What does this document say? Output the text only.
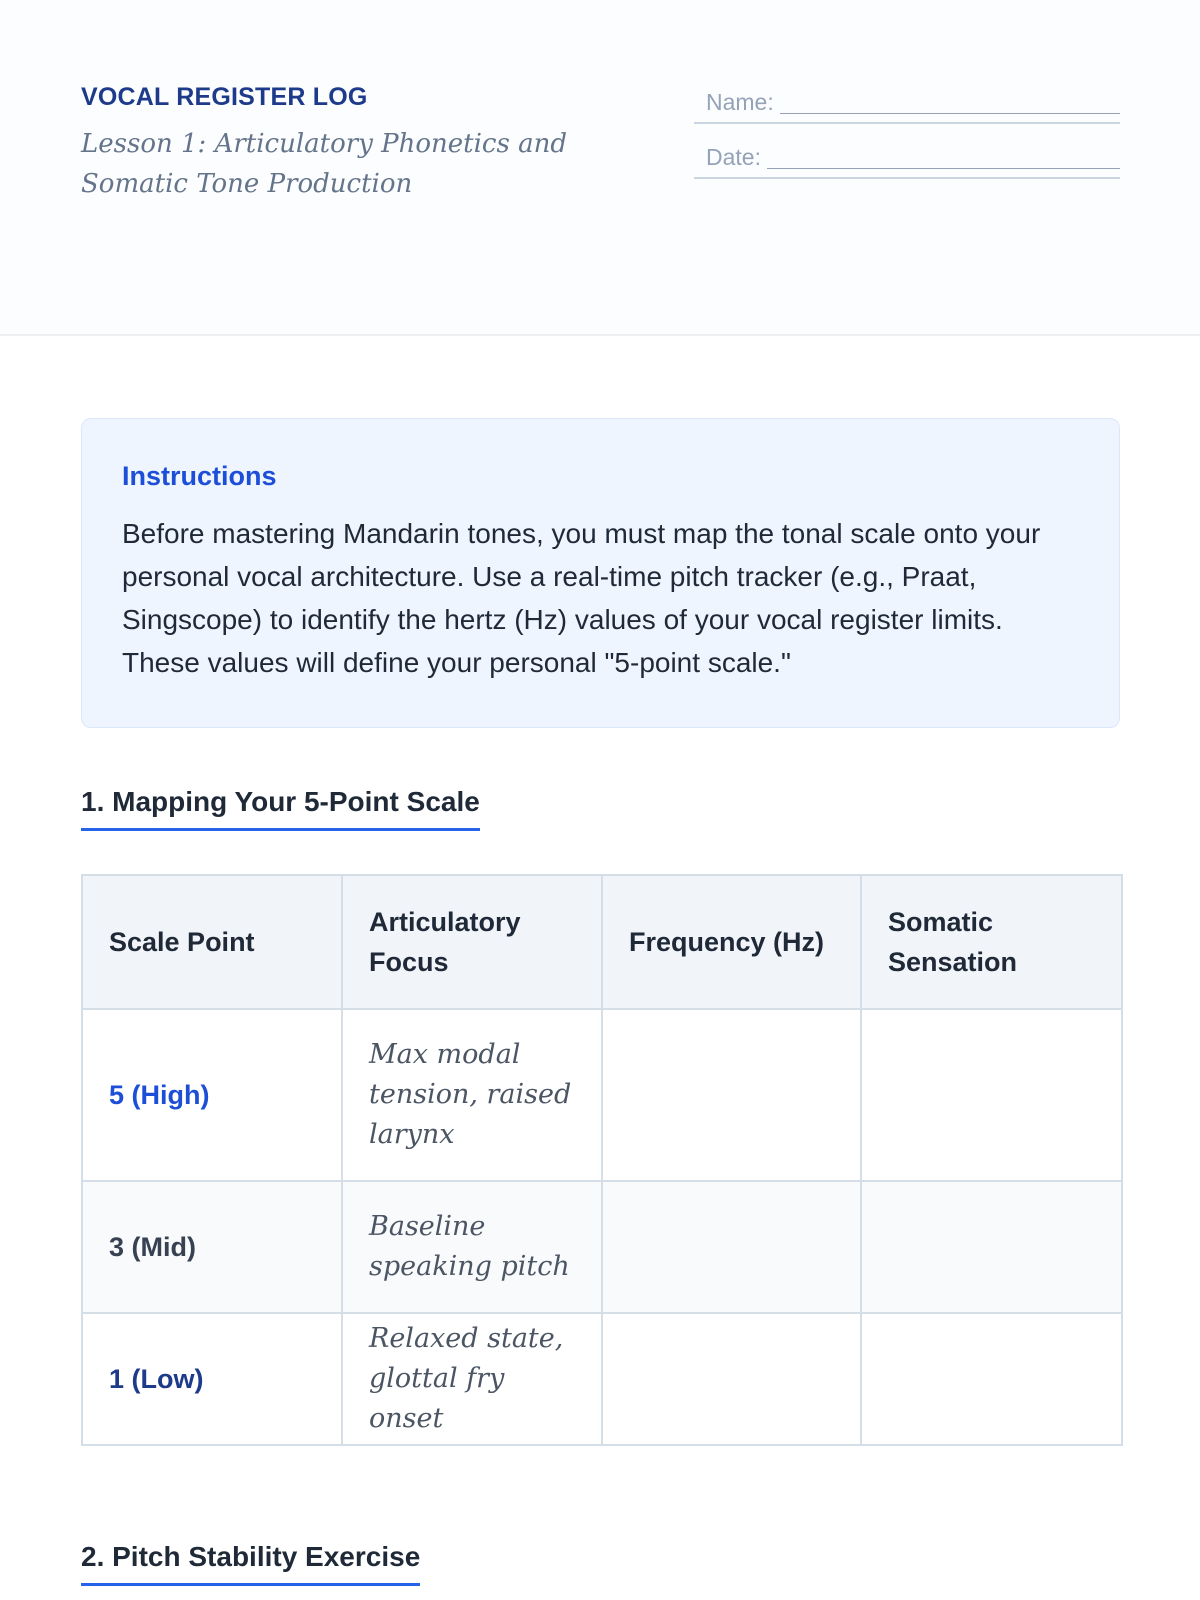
VOCAL REGISTER LOG
Lesson 1: Articulatory Phonetics and Somatic Tone Production
Name:
Date:
Instructions

Before mastering Mandarin tones, you must map the tonal scale onto your personal vocal architecture. Use a real-time pitch tracker (e.g., Praat, Singscope) to identify the hertz (Hz) values of your vocal register limits. These values will define your personal "5-point scale."

1. Mapping Your 5-Point Scale
Scale Point	Articulatory Focus	Frequency (Hz)	Somatic Sensation
5 (High)	Max modal tension, raised larynx		
3 (Mid)	Baseline speaking pitch		
1 (Low)	Relaxed state, glottal fry onset		
2. Pitch Stability Exercise
